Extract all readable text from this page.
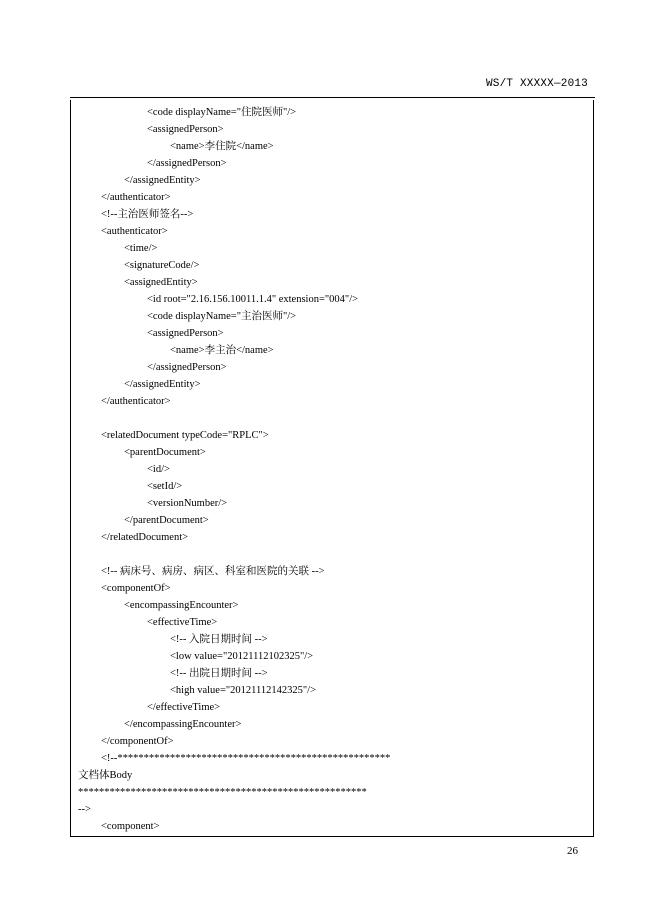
WS/T XXXXX—2013
<code displayName="住院医师"/>
<assignedPerson>
<name>李住院</name>
</assignedPerson>
</assignedEntity>
</authenticator>
<!--主治医师签名-->
<authenticator>
<time/>
<signatureCode/>
<assignedEntity>
<id root="2.16.156.10011.1.4" extension="004"/>
<code displayName="主治医师"/>
<assignedPerson>
<name>李主治</name>
</assignedPerson>
</assignedEntity>
</authenticator>
<relatedDocument typeCode="RPLC">
<parentDocument>
<id/>
<setId/>
<versionNumber/>
</parentDocument>
</relatedDocument>
<!-- 病床号、病房、病区、科室和医院的关联 -->
<componentOf>
<encompassingEncounter>
<effectiveTime>
<!-- 入院日期时间 -->
<low value="20121112102325"/>
<!-- 出院日期时间 -->
<high value="20121112142325"/>
</effectiveTime>
</encompassingEncounter>
</componentOf>
<!--****************************************************
文档体Body
*******************************************************
-->
<component>
26
